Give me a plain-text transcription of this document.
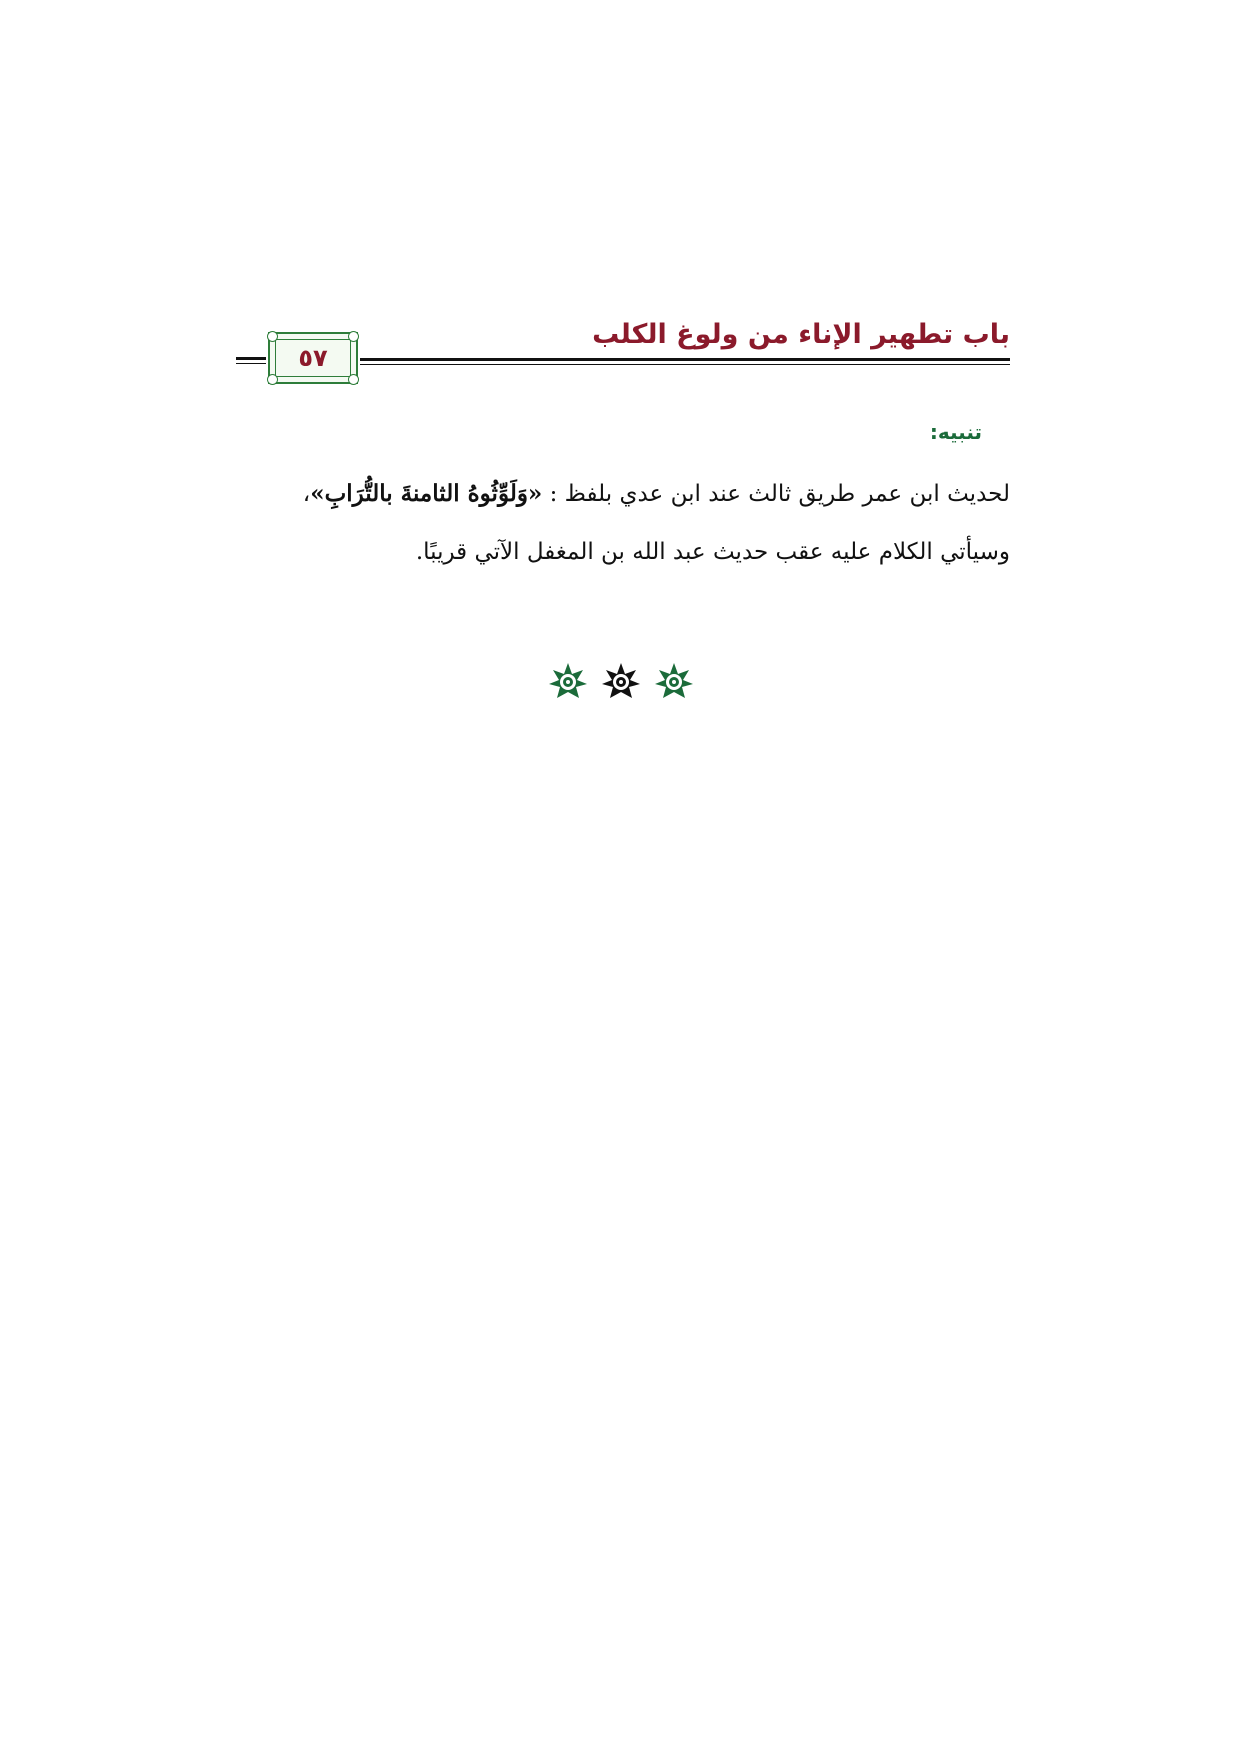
باب تطهير الإناء من ولوغ الكلب
٥٧
تنبيه:
لحديث ابن عمر طريق ثالث عند ابن عدي بلفظ : «وَلَوِّثُوهُ الثامنةَ بالتُّرَابِ»،
وسيأتي الكلام عليه عقب حديث عبد الله بن المغفل الآتي قريبًا.
